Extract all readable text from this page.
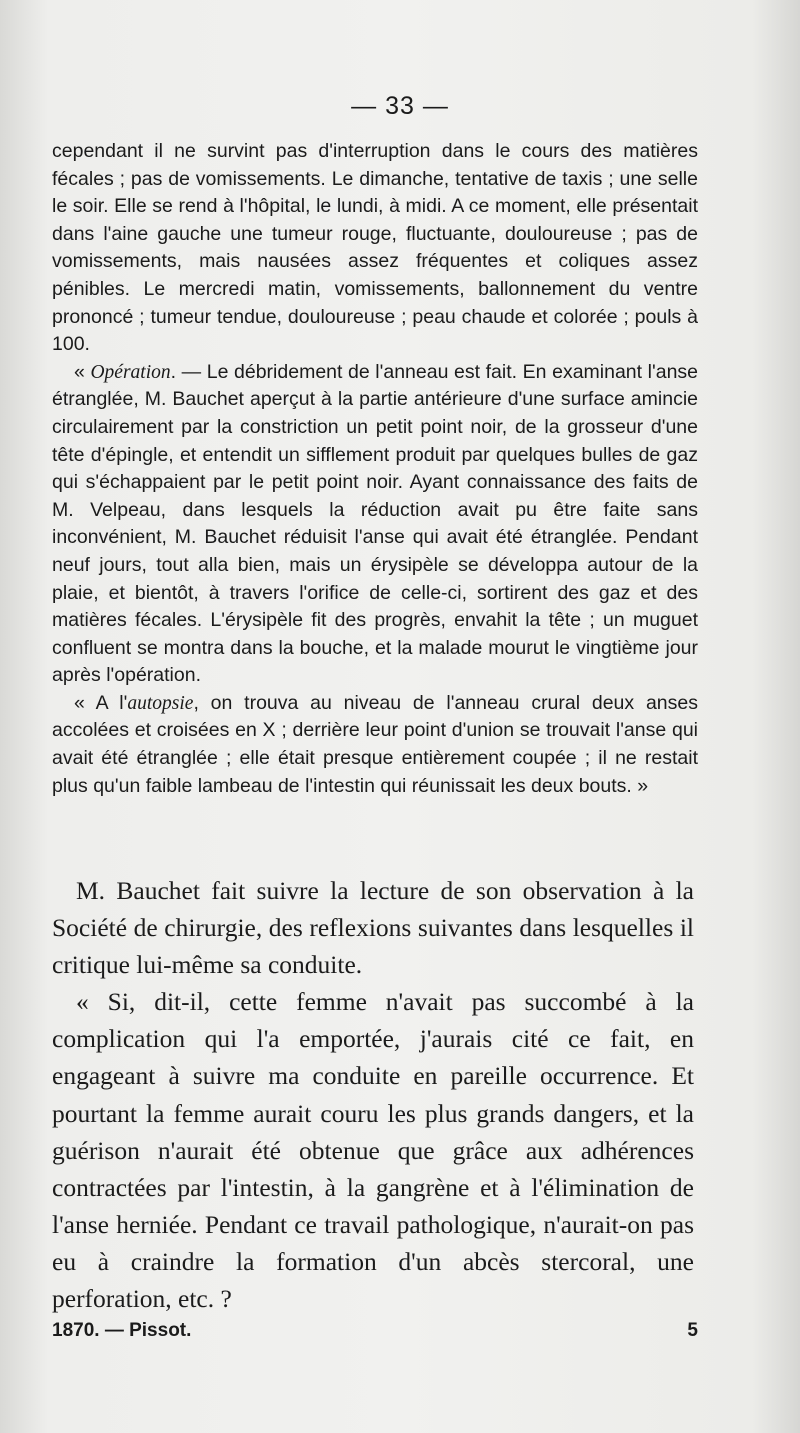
— 33 —

cependant il ne survint pas d'interruption dans le cours des matières fécales ; pas de vomissements. Le dimanche, tentative de taxis ; une selle le soir. Elle se rend à l'hôpital, le lundi, à midi. A ce moment, elle présentait dans l'aine gauche une tumeur rouge, fluctuante, douloureuse ; pas de vomissements, mais nausées assez fréquentes et coliques assez pénibles. Le mercredi matin, vomissements, ballonnement du ventre prononcé ; tumeur tendue, douloureuse ; peau chaude et colorée ; pouls à 100.

« Opération. — Le débridement de l'anneau est fait. En examinant l'anse étranglée, M. Bauchet aperçut à la partie antérieure d'une surface amincie circulairement par la constriction un petit point noir, de la grosseur d'une tête d'épingle, et entendit un sifflement produit par quelques bulles de gaz qui s'échappaient par le petit point noir. Ayant connaissance des faits de M. Velpeau, dans lesquels la réduction avait pu être faite sans inconvénient, M. Bauchet réduisit l'anse qui avait été étranglée. Pendant neuf jours, tout alla bien, mais un érysipèle se développa autour de la plaie, et bientôt, à travers l'orifice de celle-ci, sortirent des gaz et des matières fécales. L'érysipèle fit des progrès, envahit la tête ; un muguet confluent se montra dans la bouche, et la malade mourut le vingtième jour après l'opération.

« A l'autopsie, on trouva au niveau de l'anneau crural deux anses accolées et croisées en X ; derrière leur point d'union se trouvait l'anse qui avait été étranglée ; elle était presque entièrement coupée ; il ne restait plus qu'un faible lambeau de l'intestin qui réunissait les deux bouts. »

M. Bauchet fait suivre la lecture de son observation à la Société de chirurgie, des reflexions suivantes dans lesquelles il critique lui-même sa conduite.

« Si, dit-il, cette femme n'avait pas succombé à la complication qui l'a emportée, j'aurais cité ce fait, en engageant à suivre ma conduite en pareille occurrence. Et pourtant la femme aurait couru les plus grands dangers, et la guérison n'aurait été obtenue que grâce aux adhérences contractées par l'intestin, à la gangrène et à l'élimination de l'anse herniée. Pendant ce travail pathologique, n'aurait-on pas eu à craindre la formation d'un abcès stercoral, une perforation, etc. ?

1870. — Pissot.	5
